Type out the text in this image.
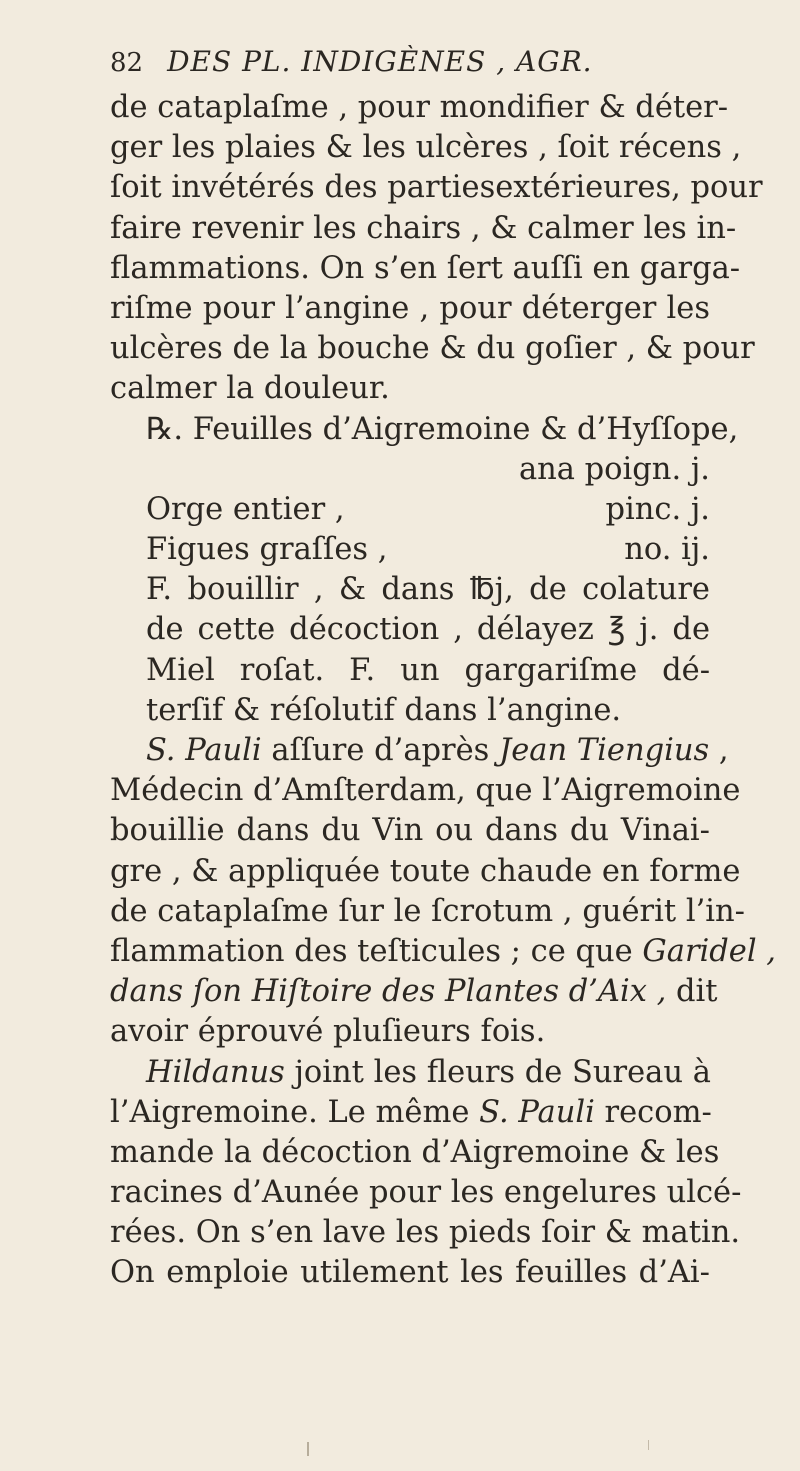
82 DES PL. INDIGÈNES , AGR.
de cataplaſme , pour mondifier & déter-
ger les plaies & les ulcères , ſoit récens ,
ſoit invétérés des partiesextérieures, pour
faire revenir les chairs , & calmer les in-
flammations. On s’en ſert auſſi en garga-
riſme pour l’angine , pour déterger les
ulcères de la bouche & du goſier , & pour
calmer la douleur.
℞. Feuilles d’Aigremoine & d’Hyſſope,
ana poign. j.
Orge entier ,	pinc. j.
Figues graſſes ,	no. ij.
F. bouillir , & dans ℔j, de colature
de cette décoction , délayez ℥ j. de
Miel roſat. F. un gargariſme dé-
terſif & réſolutif dans l’angine.
S. Pauli aſſure d’après Jean Tiengius ,
Médecin d’Amſterdam, que l’Aigremoine
bouillie dans du Vin ou dans du Vinai-
gre , & appliquée toute chaude en forme
de cataplaſme ſur le ſcrotum , guérit l’in-
flammation des teſticules ; ce que Garidel ,
dans ſon Hiſtoire des Plantes d’Aix , dit
avoir éprouvé pluſieurs fois.
Hildanus joint les fleurs de Sureau à
l’Aigremoine. Le même S. Pauli recom-
mande la décoction d’Aigremoine & les
racines d’Aunée pour les engelures ulcé-
rées. On s’en lave les pieds ſoir & matin.
On emploie utilement les feuilles d’Ai-
